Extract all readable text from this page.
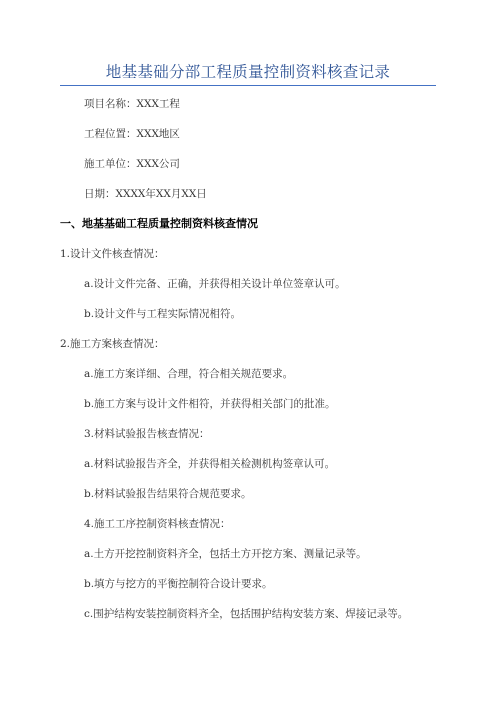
地基基础分部工程质量控制资料核查记录
项目名称：XXX工程
工程位置：XXX地区
施工单位：XXX公司
日期：XXXX年XX月XX日
一、地基基础工程质量控制资料核查情况
1.设计文件核查情况：
a.设计文件完备、正确，并获得相关设计单位签章认可。
b.设计文件与工程实际情况相符。
2.施工方案核查情况：
a.施工方案详细、合理，符合相关规范要求。
b.施工方案与设计文件相符，并获得相关部门的批准。
3.材料试验报告核查情况：
a.材料试验报告齐全，并获得相关检测机构签章认可。
b.材料试验报告结果符合规范要求。
4.施工工序控制资料核查情况：
a.土方开挖控制资料齐全，包括土方开挖方案、测量记录等。
b.填方与挖方的平衡控制符合设计要求。
c.围护结构安装控制资料齐全，包括围护结构安装方案、焊接记录等。
